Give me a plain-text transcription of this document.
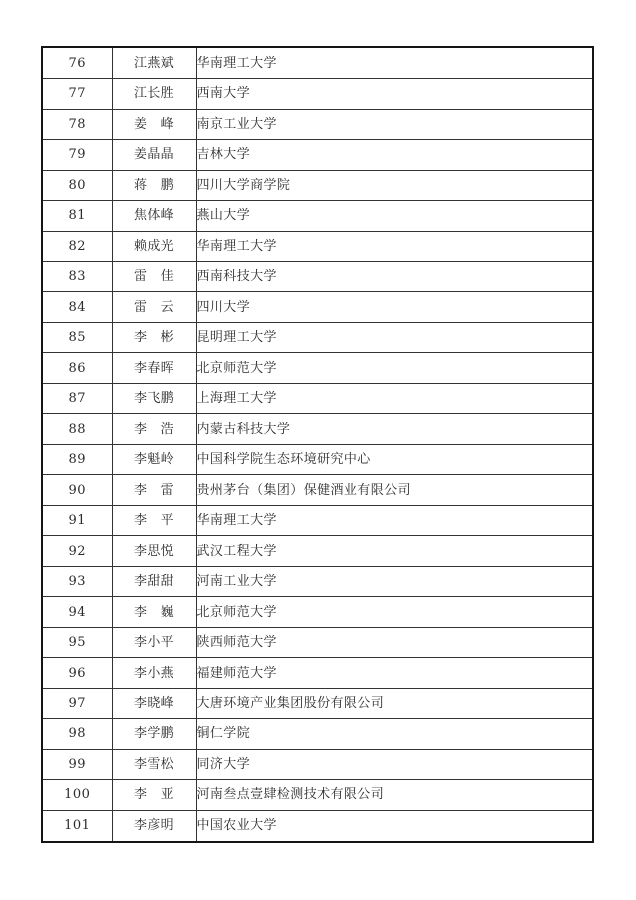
76	江燕斌	华南理工大学
77	江长胜	西南大学
78	姜　峰	南京工业大学
79	姜晶晶	吉林大学
80	蒋　鹏	四川大学商学院
81	焦体峰	燕山大学
82	赖成光	华南理工大学
83	雷　佳	西南科技大学
84	雷　云	四川大学
85	李　彬	昆明理工大学
86	李春晖	北京师范大学
87	李飞鹏	上海理工大学
88	李　浩	内蒙古科技大学
89	李魁岭	中国科学院生态环境研究中心
90	李　雷	贵州茅台（集团）保健酒业有限公司
91	李　平	华南理工大学
92	李思悦	武汉工程大学
93	李甜甜	河南工业大学
94	李　巍	北京师范大学
95	李小平	陕西师范大学
96	李小燕	福建师范大学
97	李晓峰	大唐环境产业集团股份有限公司
98	李学鹏	铜仁学院
99	李雪松	同济大学
100	李　亚	河南叁点壹肆检测技术有限公司
101	李彦明	中国农业大学
